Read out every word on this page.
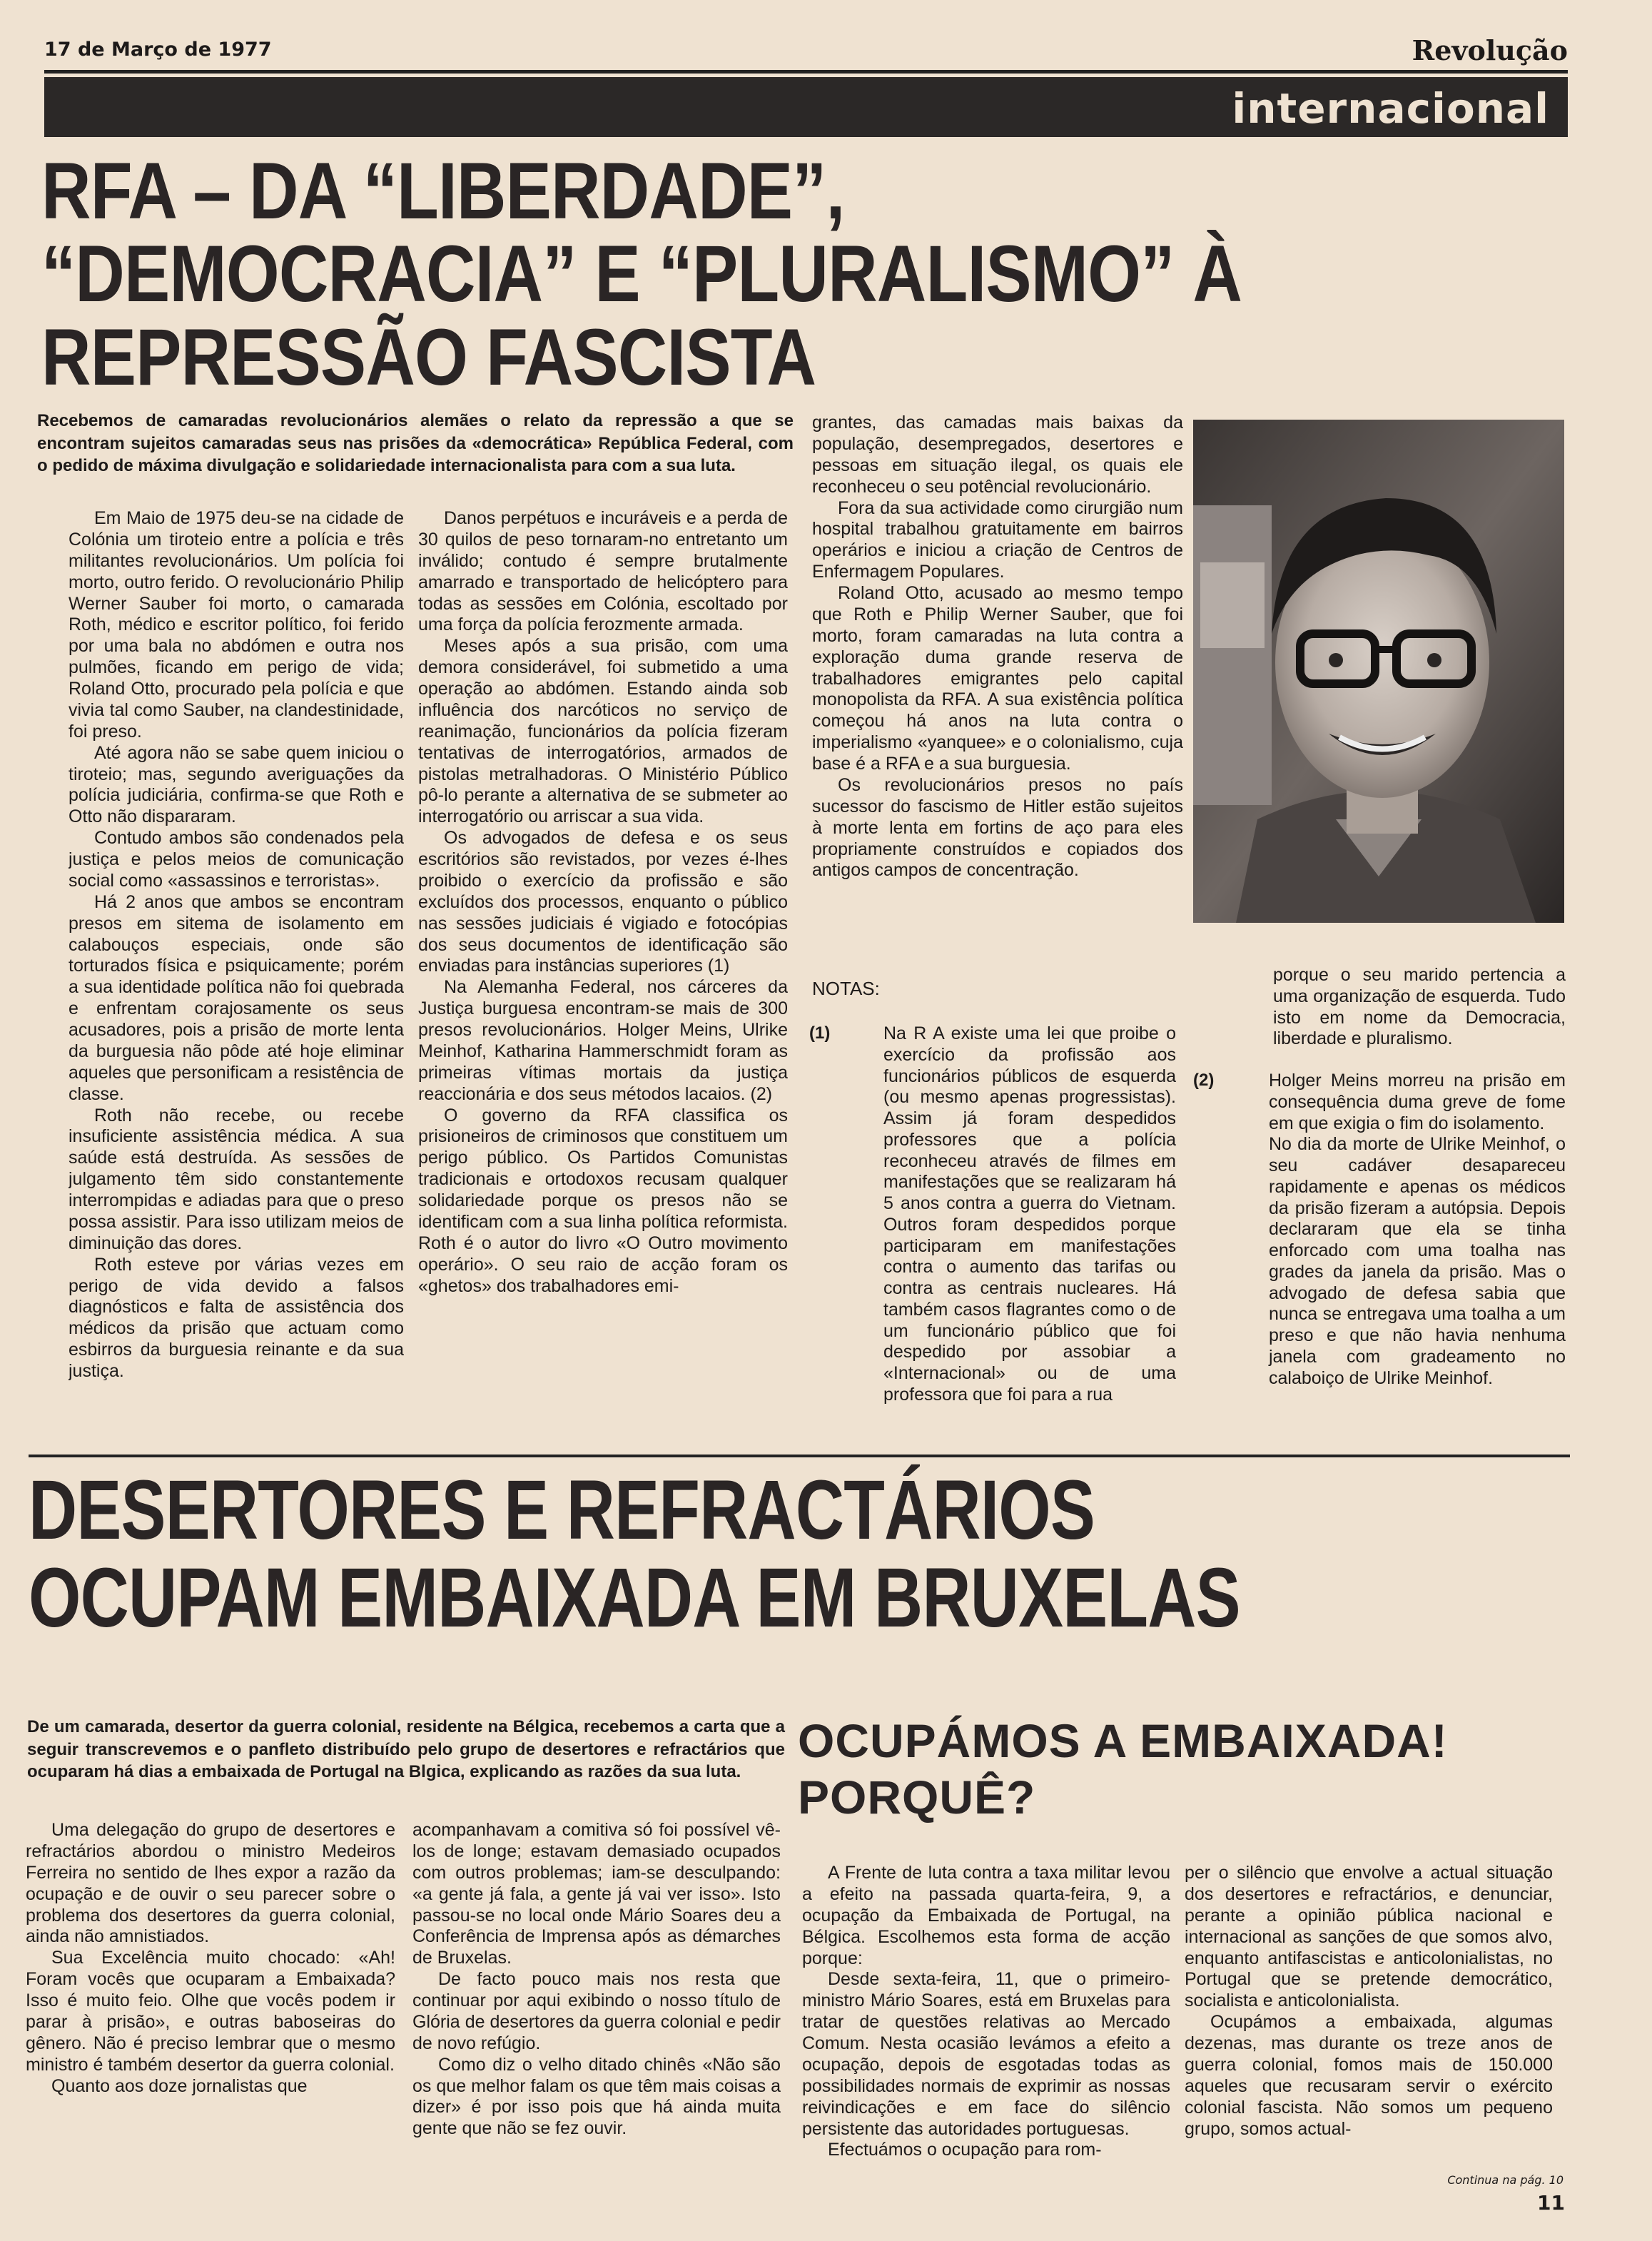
17 de Março de 1977	Revolução
internacional
RFA – DA “LIBERDADE”, “DEMOCRACIA” E “PLURALISMO” À REPRESSÃO FASCISTA
Recebemos de camaradas revolucionários alemães o relato da repressão a que se encontram sujeitos camaradas seus nas prisões da «democrática» República Federal, com o pedido de máxima divulgação e solidariedade internacionalista para com a sua luta.

Em Maio de 1975 deu-se na cidade de Colónia um tiroteio entre a polícia e três militantes revolucionários. Um polícia foi morto, outro ferido. O revolucionário Philip Werner Sauber foi morto, o camarada Roth, médico e escritor político, foi ferido por uma bala no abdómen e outra nos pulmões, ficando em perigo de vida; Roland Otto, procurado pela polícia e que vivia tal como Sauber, na clandestinidade, foi preso.

Até agora não se sabe quem iniciou o tiroteio; mas, segundo averiguações da polícia judiciária, confirma-se que Roth e Otto não dispararam.

Contudo ambos são condenados pela justiça e pelos meios de comunicação social como «assassinos e terroristas».

Há 2 anos que ambos se encontram presos em sitema de isolamento em calabouços especiais, onde são torturados física e psiquicamente; porém a sua identidade política não foi quebrada e enfrentam corajosamente os seus acusadores, pois a prisão de morte lenta da burguesia não pôde até hoje eliminar aqueles que personificam a resistência de classe.

Roth não recebe, ou recebe insuficiente assistência médica. A sua saúde está destruída. As sessões de julgamento têm sido constantemente interrompidas e adiadas para que o preso possa assistir. Para isso utilizam meios de diminuição das dores.

Roth esteve por várias vezes em perigo de vida devido a falsos diagnósticos e falta de assistência dos médicos da prisão que actuam como esbirros da burguesia reinante e da sua justiça.

Danos perpétuos e incuráveis e a perda de 30 quilos de peso tornaram-no entretanto um inválido; contudo é sempre brutalmente amarrado e transportado de helicóptero para todas as sessões em Colónia, escoltado por uma força da polícia ferozmente armada.

Meses após a sua prisão, com uma demora considerável, foi submetido a uma operação ao abdómen. Estando ainda sob influência dos narcóticos no serviço de reanimação, funcionários da polícia fizeram tentativas de interrogatórios, armados de pistolas metralhadoras. O Ministério Público pô-lo perante a alternativa de se submeter ao interrogatório ou arriscar a sua vida.

Os advogados de defesa e os seus escritórios são revistados, por vezes é-lhes proibido o exercício da profissão e são excluídos dos processos, enquanto o público nas sessões judiciais é vigiado e fotocópias dos seus documentos de identificação são enviadas para instâncias superiores (1)

Na Alemanha Federal, nos cárceres da Justiça burguesa encontram-se mais de 300 presos revolucionários. Holger Meins, Ulrike Meinhof, Katharina Hammerschmidt foram as primeiras vítimas mortais da justiça reaccionária e dos seus métodos lacaios. (2)

O governo da RFA classifica os prisioneiros de criminosos que constituem um perigo público. Os Partidos Comunistas tradicionais e ortodoxos recusam qualquer solidariedade porque os presos não se identificam com a sua linha política reformista. Roth é o autor do livro «O Outro movimento operário». O seu raio de acção foram os «ghetos» dos trabalhadores emi-

grantes, das camadas mais baixas da população, desempregados, desertores e pessoas em situação ilegal, os quais ele reconheceu o seu potêncial revolucionário.

Fora da sua actividade como cirurgião num hospital trabalhou gratuitamente em bairros operários e iniciou a criação de Centros de Enfermagem Populares.

Roland Otto, acusado ao mesmo tempo que Roth e Philip Werner Sauber, que foi morto, foram camaradas na luta contra a exploração duma grande reserva de trabalhadores emigrantes pelo capital monopolista da RFA. A sua existência política começou há anos na luta contra o imperialismo «yanquee» e o colonialismo, cuja base é a RFA e a sua burguesia.

Os revolucionários presos no país sucessor do fascismo de Hitler estão sujeitos à morte lenta em fortins de aço para eles propriamente construídos e copiados dos antigos campos de concentração.

NOTAS:
(1)	Na R A existe uma lei que proibe o exercício da profissão aos funcionários públicos de esquerda (ou mesmo apenas progressistas). Assim já foram despedidos professores que a polícia reconheceu através de filmes em manifestações que se realizaram há 5 anos contra a guerra do Vietnam. Outros foram despedidos porque participaram em manifestações contra o aumento das tarifas ou contra as centrais nucleares. Há também casos flagrantes como o de um funcionário público que foi despedido por assobiar a «Internacional» ou de uma professora que foi para a rua
porque o seu marido pertencia a uma organização de esquerda. Tudo isto em nome da Democracia, liberdade e pluralismo.
(2)	Holger Meins morreu na prisão em consequência duma greve de fome em que exigia o fim do isolamento.
No dia da morte de Ulrike Meinhof, o seu cadáver desapareceu rapidamente e apenas os médicos da prisão fizeram a autópsia. Depois declararam que ela se tinha enforcado com uma toalha nas grades da janela da prisão. Mas o advogado de defesa sabia que nunca se entregava uma toalha a um preso e que não havia nenhuma janela com gradeamento no calaboiço de Ulrike Meinhof.
DESERTORES E REFRACTÁRIOS OCUPAM EMBAIXADA EM BRUXELAS
De um camarada, desertor da guerra colonial, residente na Bélgica, recebemos a carta que a seguir transcrevemos e o panfleto distribuído pelo grupo de desertores e refractários que ocuparam há dias a embaixada de Portugal na Blgica, explicando as razões da sua luta.
OCUPÁMOS A EMBAIXADA! PORQUÊ?

Uma delegação do grupo de desertores e refractários abordou o ministro Medeiros Ferreira no sentido de lhes expor a razão da ocupação e de ouvir o seu parecer sobre o problema dos desertores da guerra colonial, ainda não amnistiados.

Sua Excelência muito chocado: «Ah! Foram vocês que ocuparam a Embaixada? Isso é muito feio. Olhe que vocês podem ir parar à prisão», e outras baboseiras do gênero. Não é preciso lembrar que o mesmo ministro é também desertor da guerra colonial.

Quanto aos doze jornalistas que

acompanhavam a comitiva só foi possível vê-los de longe; estavam demasiado ocupados com outros problemas; iam-se desculpando: «a gente já fala, a gente já vai ver isso». Isto passou-se no local onde Mário Soares deu a Conferência de Imprensa após as démarches de Bruxelas.

De facto pouco mais nos resta que continuar por aqui exibindo o nosso título de Glória de desertores da guerra colonial e pedir de novo refúgio.

Como diz o velho ditado chinês «Não são os que melhor falam os que têm mais coisas a dizer» é por isso pois que há ainda muita gente que não se fez ouvir.

A Frente de luta contra a taxa militar levou a efeito na passada quarta-feira, 9, a ocupação da Embaixada de Portugal, na Bélgica. Escolhemos esta forma de acção porque:

Desde sexta-feira, 11, que o primeiro-ministro Mário Soares, está em Bruxelas para tratar de questões relativas ao Mercado Comum. Nesta ocasião levámos a efeito a ocupação, depois de esgotadas todas as possibilidades normais de exprimir as nossas reivindicações e em face do silêncio persistente das autoridades portuguesas.

Efectuámos o ocupação para rom-

per o silêncio que envolve a actual situação dos desertores e refractários, e denunciar, perante a opinião pública nacional e internacional as sanções de que somos alvo, enquanto antifascistas e anticolonialistas, no Portugal que se pretende democrático, socialista e anticolonialista.

Ocupámos a embaixada, algumas dezenas, mas durante os treze anos de guerra colonial, fomos mais de 150.000 aqueles que recusaram servir o exército colonial fascista. Não somos um pequeno grupo, somos actual-

Continua na pág. 10
11
